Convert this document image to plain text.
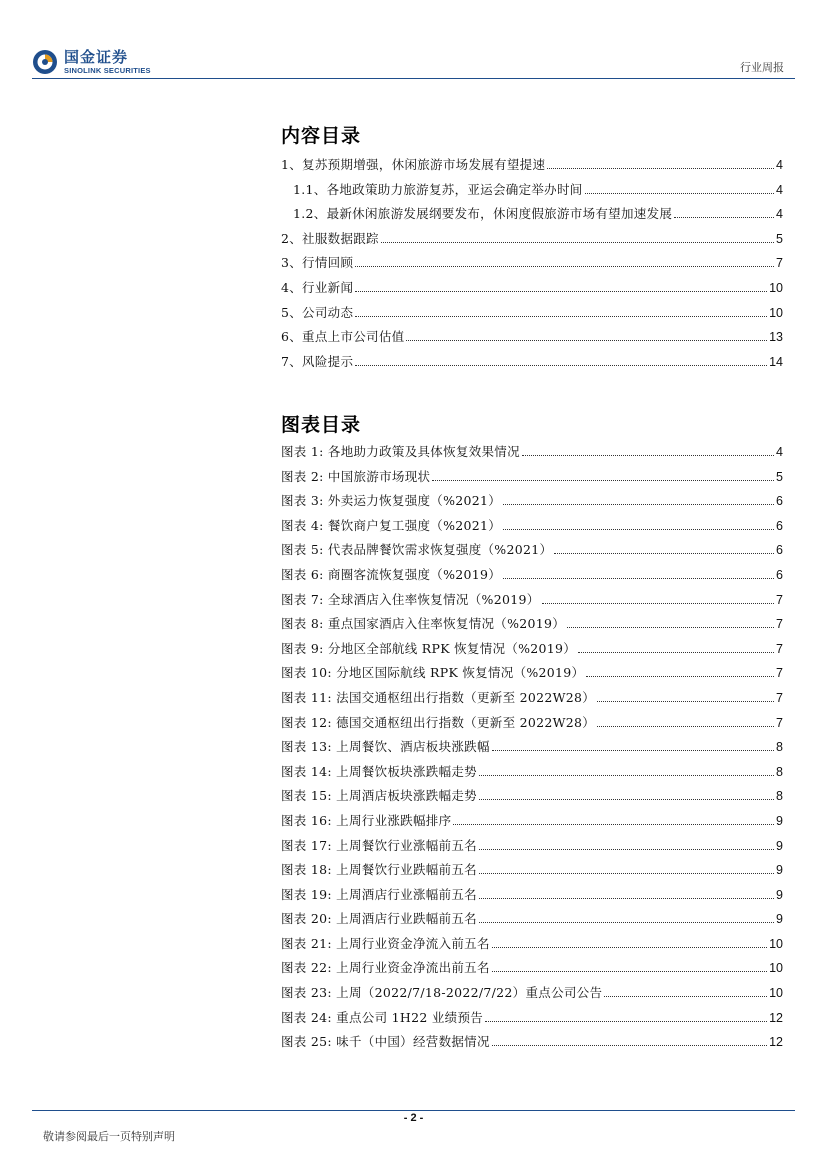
国金证券
SINOLINK SECURITIES	行业周报
内容目录
1、复苏预期增强，休闲旅游市场发展有望提速	4
1.1、各地政策助力旅游复苏，亚运会确定举办时间	4
1.2、最新休闲旅游发展纲要发布，休闲度假旅游市场有望加速发展	4
2、社服数据跟踪	5
3、行情回顾	7
4、行业新闻	10
5、公司动态	10
6、重点上市公司估值	13
7、风险提示	14
图表目录
图表 1: 各地助力政策及具体恢复效果情况	4
图表 2: 中国旅游市场现状	5
图表 3: 外卖运力恢复强度（%2021）	6
图表 4: 餐饮商户复工强度（%2021）	6
图表 5: 代表品牌餐饮需求恢复强度（%2021）	6
图表 6: 商圈客流恢复强度（%2019）	6
图表 7: 全球酒店入住率恢复情况（%2019）	7
图表 8: 重点国家酒店入住率恢复情况（%2019）	7
图表 9: 分地区全部航线 RPK 恢复情况（%2019）	7
图表 10: 分地区国际航线 RPK 恢复情况（%2019）	7
图表 11: 法国交通枢纽出行指数（更新至 2022W28）	7
图表 12: 德国交通枢纽出行指数（更新至 2022W28）	7
图表 13: 上周餐饮、酒店板块涨跌幅	8
图表 14: 上周餐饮板块涨跌幅走势	8
图表 15: 上周酒店板块涨跌幅走势	8
图表 16: 上周行业涨跌幅排序	9
图表 17: 上周餐饮行业涨幅前五名	9
图表 18: 上周餐饮行业跌幅前五名	9
图表 19: 上周酒店行业涨幅前五名	9
图表 20: 上周酒店行业跌幅前五名	9
图表 21: 上周行业资金净流入前五名	10
图表 22: 上周行业资金净流出前五名	10
图表 23: 上周（2022/7/18-2022/7/22）重点公司公告	10
图表 24: 重点公司 1H22 业绩预告	12
图表 25: 味千（中国）经营数据情况	12
- 2 -
敬请参阅最后一页特别声明
